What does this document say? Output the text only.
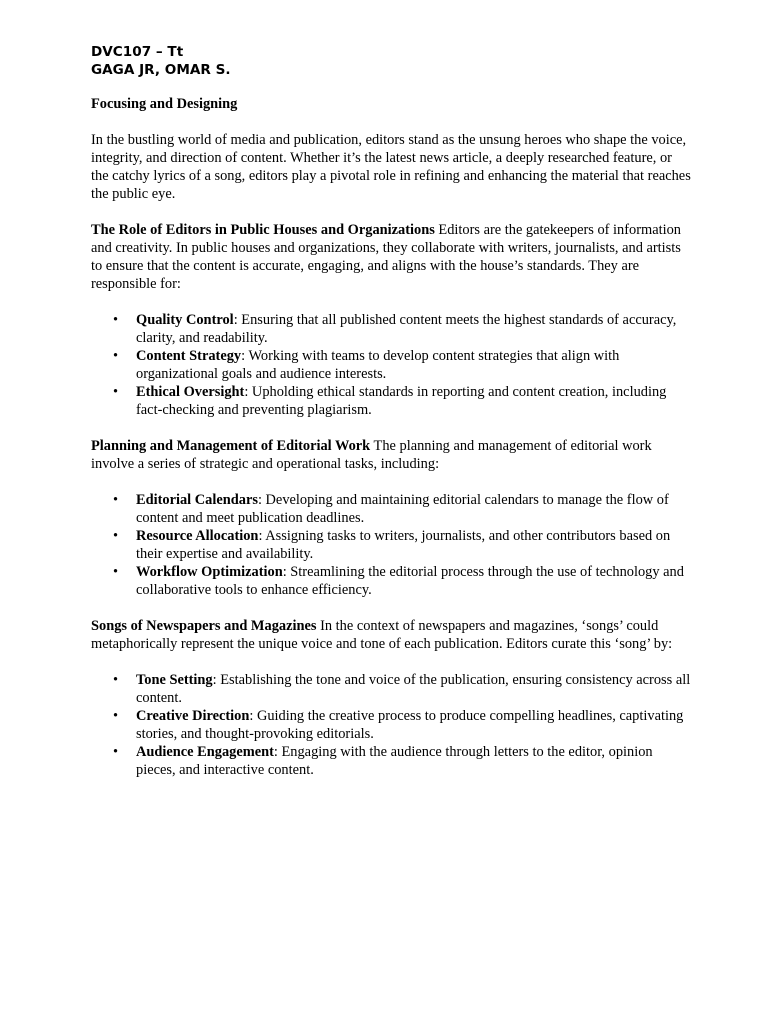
DVC107 – Tt

GAGA JR, OMAR S.

Focusing and Designing

In the bustling world of media and publication, editors stand as the unsung heroes who shape the voice, integrity, and direction of content. Whether it’s the latest news article, a deeply researched feature, or the catchy lyrics of a song, editors play a pivotal role in refining and enhancing the material that reaches the public eye.

The Role of Editors in Public Houses and Organizations Editors are the gatekeepers of information and creativity. In public houses and organizations, they collaborate with writers, journalists, and artists to ensure that the content is accurate, engaging, and aligns with the house’s standards. They are responsible for:

• Quality Control: Ensuring that all published content meets the highest standards of accuracy, clarity, and readability.
• Content Strategy: Working with teams to develop content strategies that align with organizational goals and audience interests.
• Ethical Oversight: Upholding ethical standards in reporting and content creation, including fact-checking and preventing plagiarism.

Planning and Management of Editorial Work The planning and management of editorial work involve a series of strategic and operational tasks, including:

• Editorial Calendars: Developing and maintaining editorial calendars to manage the flow of content and meet publication deadlines.
• Resource Allocation: Assigning tasks to writers, journalists, and other contributors based on their expertise and availability.
• Workflow Optimization: Streamlining the editorial process through the use of technology and collaborative tools to enhance efficiency.

Songs of Newspapers and Magazines In the context of newspapers and magazines, ‘songs’ could metaphorically represent the unique voice and tone of each publication. Editors curate this ‘song’ by:

• Tone Setting: Establishing the tone and voice of the publication, ensuring consistency across all content.
• Creative Direction: Guiding the creative process to produce compelling headlines, captivating stories, and thought-provoking editorials.
• Audience Engagement: Engaging with the audience through letters to the editor, opinion pieces, and interactive content.
